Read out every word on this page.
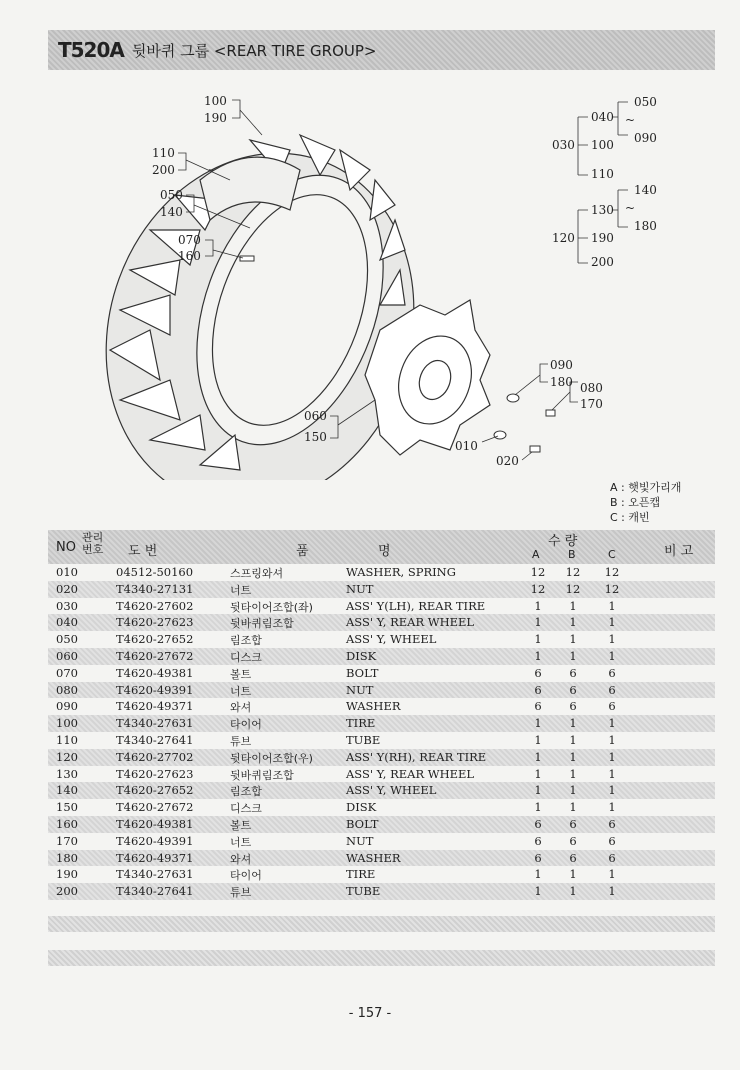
T520A 뒷바퀴 그룹 <REAR TIRE GROUP>
100
190
110
200
050
140
070
160
060
150
010
020
090
180 080
170
030
040
100
110
050
090
~
120
130
190
200
140
180
~
A : 햇빛가리개
B : 오픈캡
C : 캐빈
NO
관리
번호 도 번	품	명
수 량
A	B	C	비 고
010	04512-50160	스프링와셔	WASHER, SPRING	12	12	12
020	T4340-27131	너트	NUT	12	12	12
030	T4620-27602	뒷타이어조합(좌)	ASS' Y(LH), REAR TIRE	1	1	1
040	T4620-27623	뒷바퀴림조합	ASS' Y, REAR WHEEL	1	1	1
050	T4620-27652	림조합	ASS' Y, WHEEL	1	1	1
060	T4620-27672	디스크	DISK	1	1	1
070	T4620-49381	볼트	BOLT	6	6	6
080	T4620-49391	너트	NUT	6	6	6
090	T4620-49371	와셔	WASHER	6	6	6
100	T4340-27631	타이어	TIRE	1	1	1
110	T4340-27641	튜브	TUBE	1	1	1
120	T4620-27702	뒷타이어조합(우)	ASS' Y(RH), REAR TIRE	1	1	1
130	T4620-27623	뒷바퀴림조합	ASS' Y, REAR WHEEL	1	1	1
140	T4620-27652	림조합	ASS' Y, WHEEL	1	1	1
150	T4620-27672	디스크	DISK	1	1	1
160	T4620-49381	볼트	BOLT	6	6	6
170	T4620-49391	너트	NUT	6	6	6
180	T4620-49371	와셔	WASHER	6	6	6
190	T4340-27631	타이어	TIRE	1	1	1
200	T4340-27641	튜브	TUBE	1	1	1
- 157 -
